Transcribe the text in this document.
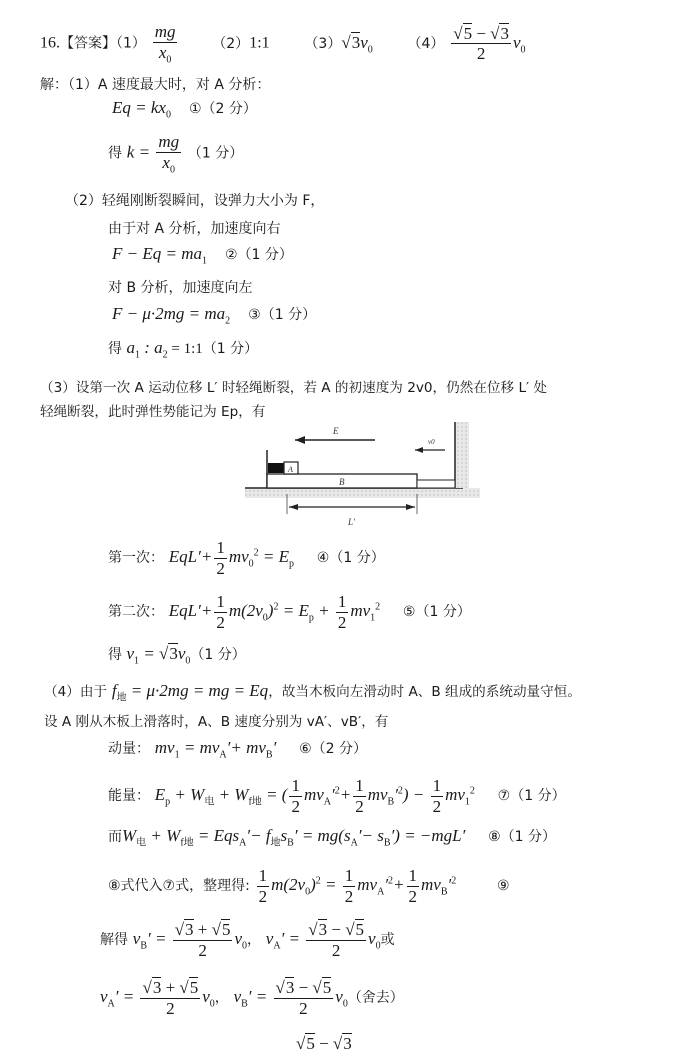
16.【答案】$(1) \frac{mg}{x_0}$ （2）1:1 $(3)√3v_0$ $(4) \frac{√5 - √3}{2} v_0$
解：（1）A 速度最大时，对 A 分析：
$Eq = kx_0$ ①（2 分）
得 $k = \frac{mg}{x_0} (1$ 分）
（2）轻绳刚断裂瞬间，设弹力大小为 F，
由于对 A 分析，加速度向右
$F - Eq = ma_1$ ②（1 分）
对 B 分析，加速度向左
$F - \mu\cdot 2mg = ma_2$ ③（1 分）
得 $a_1$ : $a_2$ = 1:1（1 分）
（3）设第一次 A 运动位移 L′ 时轻绳断裂，若 A 的初速度为 2v0，仍然在位移 L′ 处
轻绳断裂，此时弹性势能记为 Ep，有
A
B
E
v0
L'
第一次： $EqL'+ \frac{1}{2} mv_0^2 = E_p$ ④（1 分）
第二次： $EqL'+ \frac{1}{2} m(2v_0)^2 = E_p + \frac{1}{2} mv_1^2$ ⑤（1 分）
得 $v_1 = √3v_0(1$ 分）
（4）由于 $f_地 = \mu\cdot 2mg$ = mg = Eq，故当木板向左滑动时 A、B 组成的系统动量守恒。
设 A 刚从木板上滑落时，A、B 速度分别为 vA′、vB′，有
动量： $mv_1 = mv_A'+ mv_B'$ ⑥（2 分）
能量： $E_p + W_电 + W_{f地}$ = ( $\frac{1}{2} mv_A'^2+ \frac{1}{2} mv_B'^2) - \frac{1}{2} mv_1^2$ ⑦（1 分）
而$W_电 + W_{f地} = Eqs_A'- f_地s_B' = mg(s_A'- s_B') = -mgL'$ ⑧（1 分）
⑧式代入⑦式，整理得: $\frac{1}{2} m(2v_0)^2 = \frac{1}{2} mv_A'^2+ \frac{1}{2} mv_B'^2$	⑨
解得 $v_B' = \frac{√3 + √5}{2} v_0$， $v_A' = \frac{√3 - √5}{2} v_0$或
$v_A' = \frac{√3 + √5}{2} v_0$， $v_B' = \frac{√3 - √5}{2} v_0$（舍去）
√5 − √3
